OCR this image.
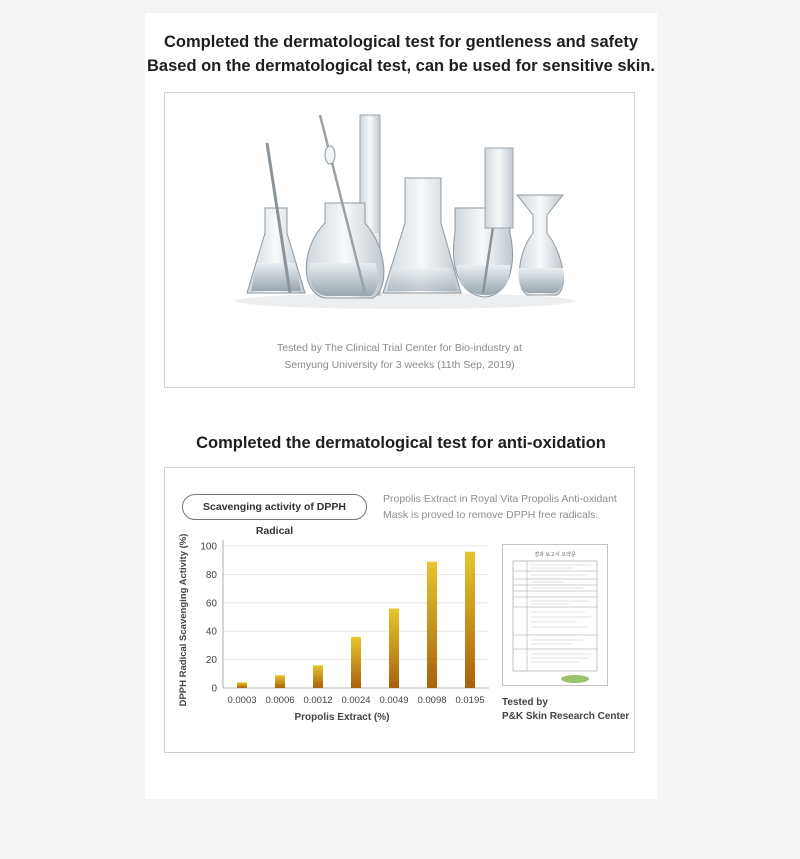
Completed the dermatological test for gentleness and safety
Based on the dermatological test, can be used for sensitive skin.
Tested by The Clinical Trial Center for Bio-industry at
Semyung University for 3 weeks (11th Sep, 2019)
Completed the dermatological test for anti-oxidation
Scavenging activity of DPPH Radical
Propolis Extract in Royal Vita Propolis Anti-oxidant
Mask is proved to remove DPPH free radicals.
0
20
40
60
80
100
0.0003 0.0006 0.0012 0.0024 0.0049 0.0098 0.0195
DPPH Radical Scavenging Activity (%)
Propolis Extract (%)
결과 보고서 요약문
Tested by
P&K Skin Research Center
